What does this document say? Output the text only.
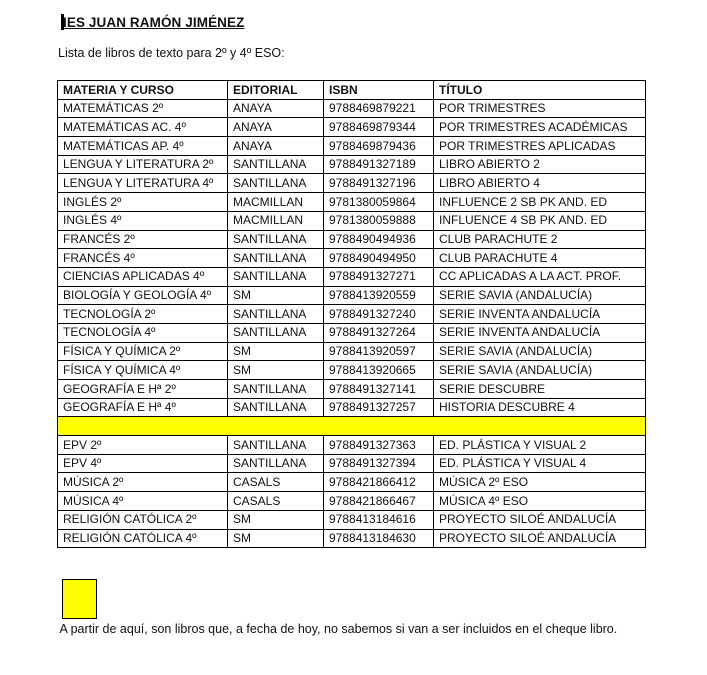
IES JUAN RAMÓN JIMÉNEZ

Lista de libros de texto para 2º y 4º ESO:

MATERIA Y CURSO	EDITORIAL	ISBN	TÍTULO
MATEMÁTICAS 2º	ANAYA	9788469879221	POR TRIMESTRES
MATEMÁTICAS AC. 4º	ANAYA	9788469879344	POR TRIMESTRES ACADÉMICAS
MATEMÁTICAS AP. 4º	ANAYA	9788469879436	POR TRIMESTRES APLICADAS
LENGUA Y LITERATURA 2º	SANTILLANA	9788491327189	LIBRO ABIERTO 2
LENGUA Y LITERATURA 4º	SANTILLANA	9788491327196	LIBRO ABIERTO 4
INGLÉS 2º	MACMILLAN	9781380059864	INFLUENCE 2 SB PK AND. ED
INGLÉS 4º	MACMILLAN	9781380059888	INFLUENCE 4 SB PK AND. ED
FRANCÉS 2º	SANTILLANA	9788490494936	CLUB PARACHUTE 2
FRANCÉS 4º	SANTILLANA	9788490494950	CLUB PARACHUTE 4
CIENCIAS APLICADAS 4º	SANTILLANA	9788491327271	CC APLICADAS A LA ACT. PROF.
BIOLOGÍA Y GEOLOGÍA 4º	SM	9788413920559	SERIE SAVIA (ANDALUCÍA)
TECNOLOGÍA 2º	SANTILLANA	9788491327240	SERIE INVENTA ANDALUCÍA
TECNOLOGÍA 4º	SANTILLANA	9788491327264	SERIE INVENTA ANDALUCÍA
FÍSICA Y QUÍMICA 2º	SM	9788413920597	SERIE SAVIA (ANDALUCÍA)
FÍSICA Y QUÍMICA 4º	SM	9788413920665	SERIE SAVIA (ANDALUCÍA)
GEOGRAFÍA E Hª 2º	SANTILLANA	9788491327141	SERIE DESCUBRE
GEOGRAFÍA E Hª 4º	SANTILLANA	9788491327257	HISTORIA DESCUBRE 4

EPV 2º	SANTILLANA	9788491327363	ED. PLÁSTICA Y VISUAL 2
EPV 4º	SANTILLANA	9788491327394	ED. PLÁSTICA Y VISUAL 4
MÚSICA 2º	CASALS	9788421866412	MÚSICA 2º ESO
MÚSICA 4º	CASALS	9788421866467	MÚSICA 4º ESO
RELIGIÓN CATÓLICA 2º	SM	9788413184616	PROYECTO SILOÉ ANDALUCÍA
RELIGIÓN CATÓLICA 4º	SM	9788413184630	PROYECTO SILOÉ ANDALUCÍA

A partir de aquí, son libros que, a fecha de hoy, no sabemos si van a ser incluidos en el cheque libro.
